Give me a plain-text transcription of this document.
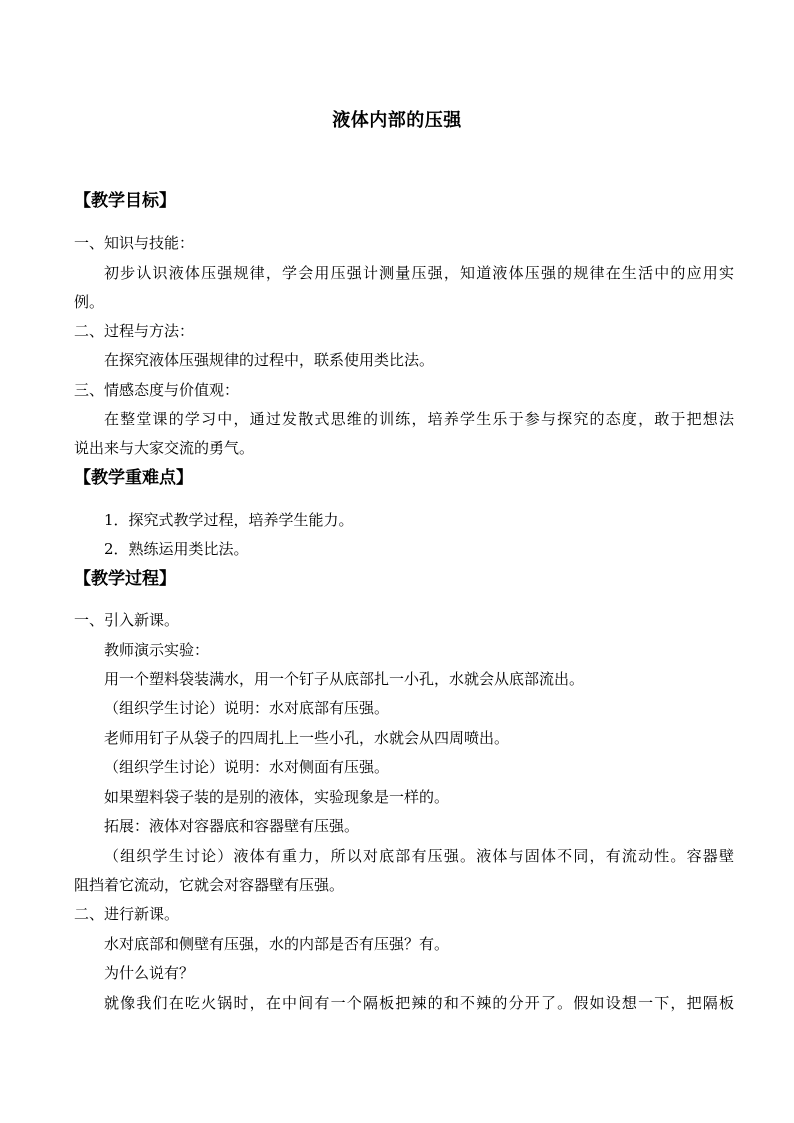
液体内部的压强
【教学目标】
一、知识与技能：
初步认识液体压强规律，学会用压强计测量压强，知道液体压强的规律在生活中的应用实
例。
二、过程与方法：
在探究液体压强规律的过程中，联系使用类比法。
三、情感态度与价值观：
在整堂课的学习中，通过发散式思维的训练，培养学生乐于参与探究的态度，敢于把想法
说出来与大家交流的勇气。
【教学重难点】
1．探究式教学过程，培养学生能力。
2．熟练运用类比法。
【教学过程】
一、引入新课。
教师演示实验：
用一个塑料袋装满水，用一个钉子从底部扎一小孔，水就会从底部流出。
（组织学生讨论）说明：水对底部有压强。
老师用钉子从袋子的四周扎上一些小孔，水就会从四周喷出。
（组织学生讨论）说明：水对侧面有压强。
如果塑料袋子装的是别的液体，实验现象是一样的。
拓展：液体对容器底和容器壁有压强。
（组织学生讨论）液体有重力，所以对底部有压强。液体与固体不同，有流动性。容器壁
阻挡着它流动，它就会对容器壁有压强。
二、进行新课。
水对底部和侧壁有压强，水的内部是否有压强？有。
为什么说有？
就像我们在吃火锅时，在中间有一个隔板把辣的和不辣的分开了。假如设想一下，把隔板
